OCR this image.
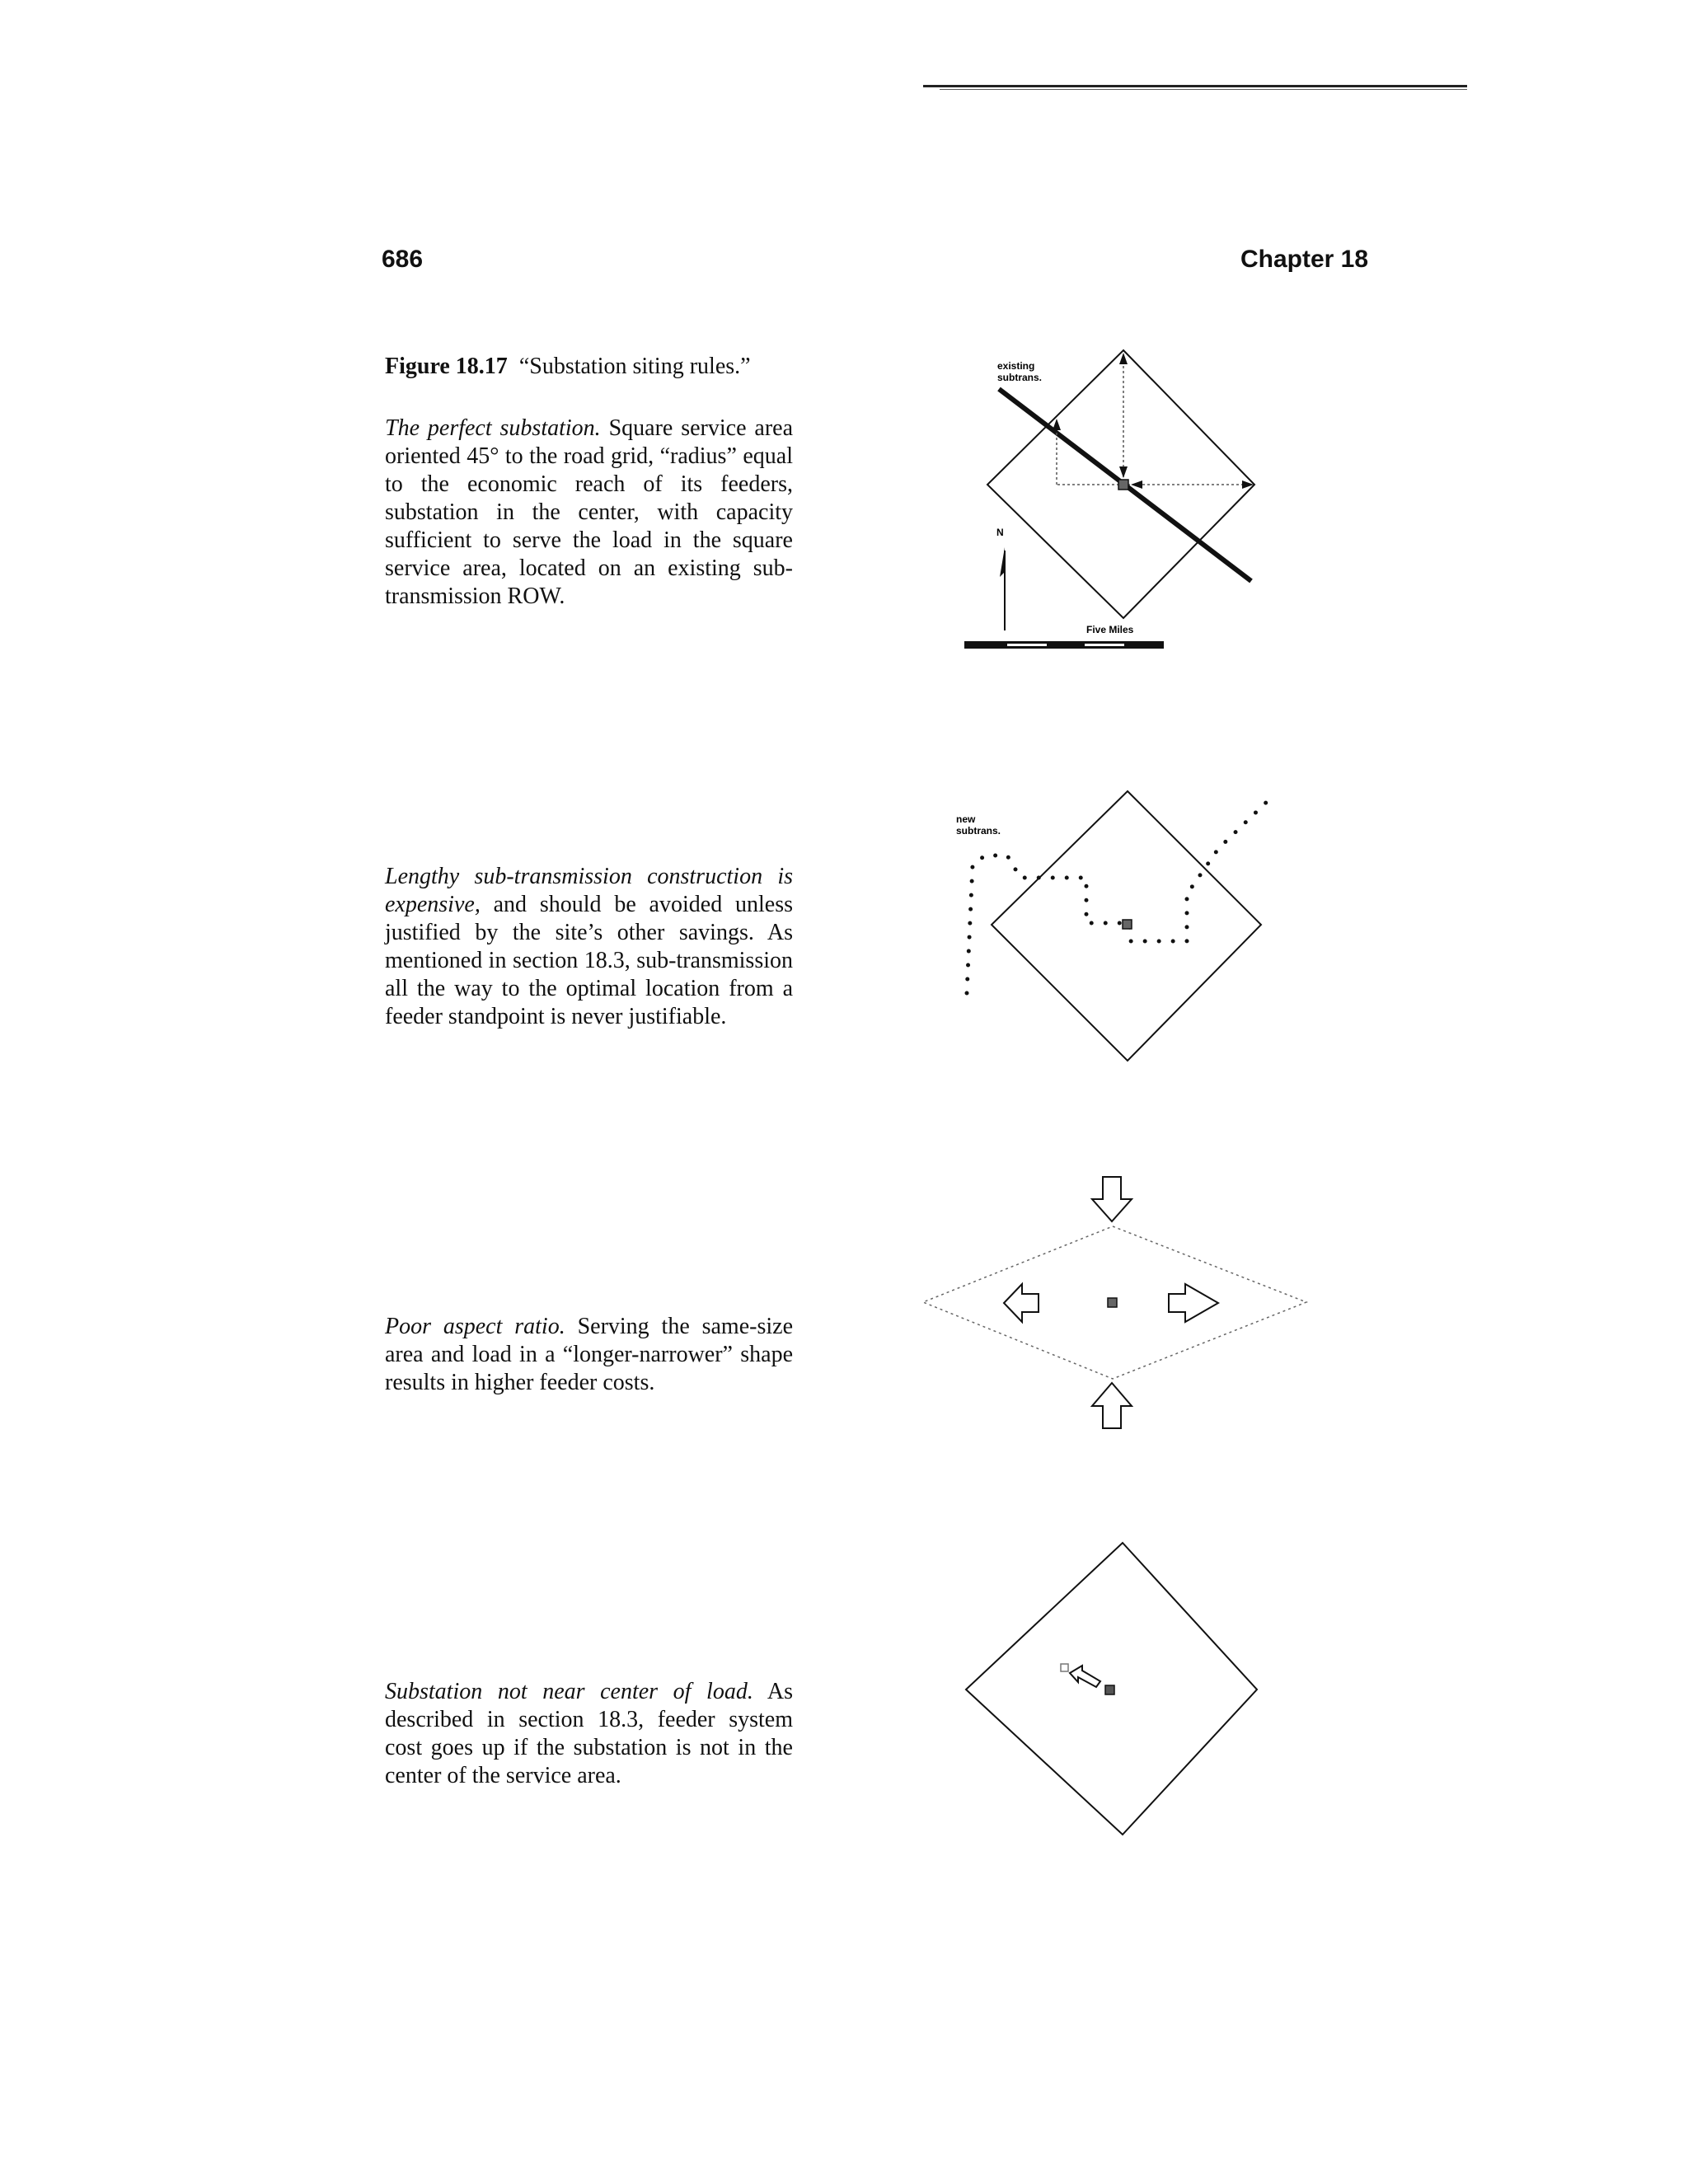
686	Chapter 18

Figure 18.17 “Substation siting rules.”

The perfect substation. Square service area oriented 45° to the road grid, “radius” equal to the economic reach of its feeders, substation in the center, with capacity sufficient to serve the load in the square service area, located on an existing sub-transmission ROW.

Lengthy sub-transmission construction is expensive, and should be avoided unless justified by the site’s other savings. As mentioned in section 18.3, sub-transmission all the way to the optimal location from a feeder standpoint is never justifiable.

Poor aspect ratio. Serving the same-size area and load in a “longer-narrower” shape results in higher feeder costs.

Substation not near center of load. As described in section 18.3, feeder system cost goes up if the substation is not in the center of the service area.

existing
subtrans.
N
Five Miles
new
subtrans.
